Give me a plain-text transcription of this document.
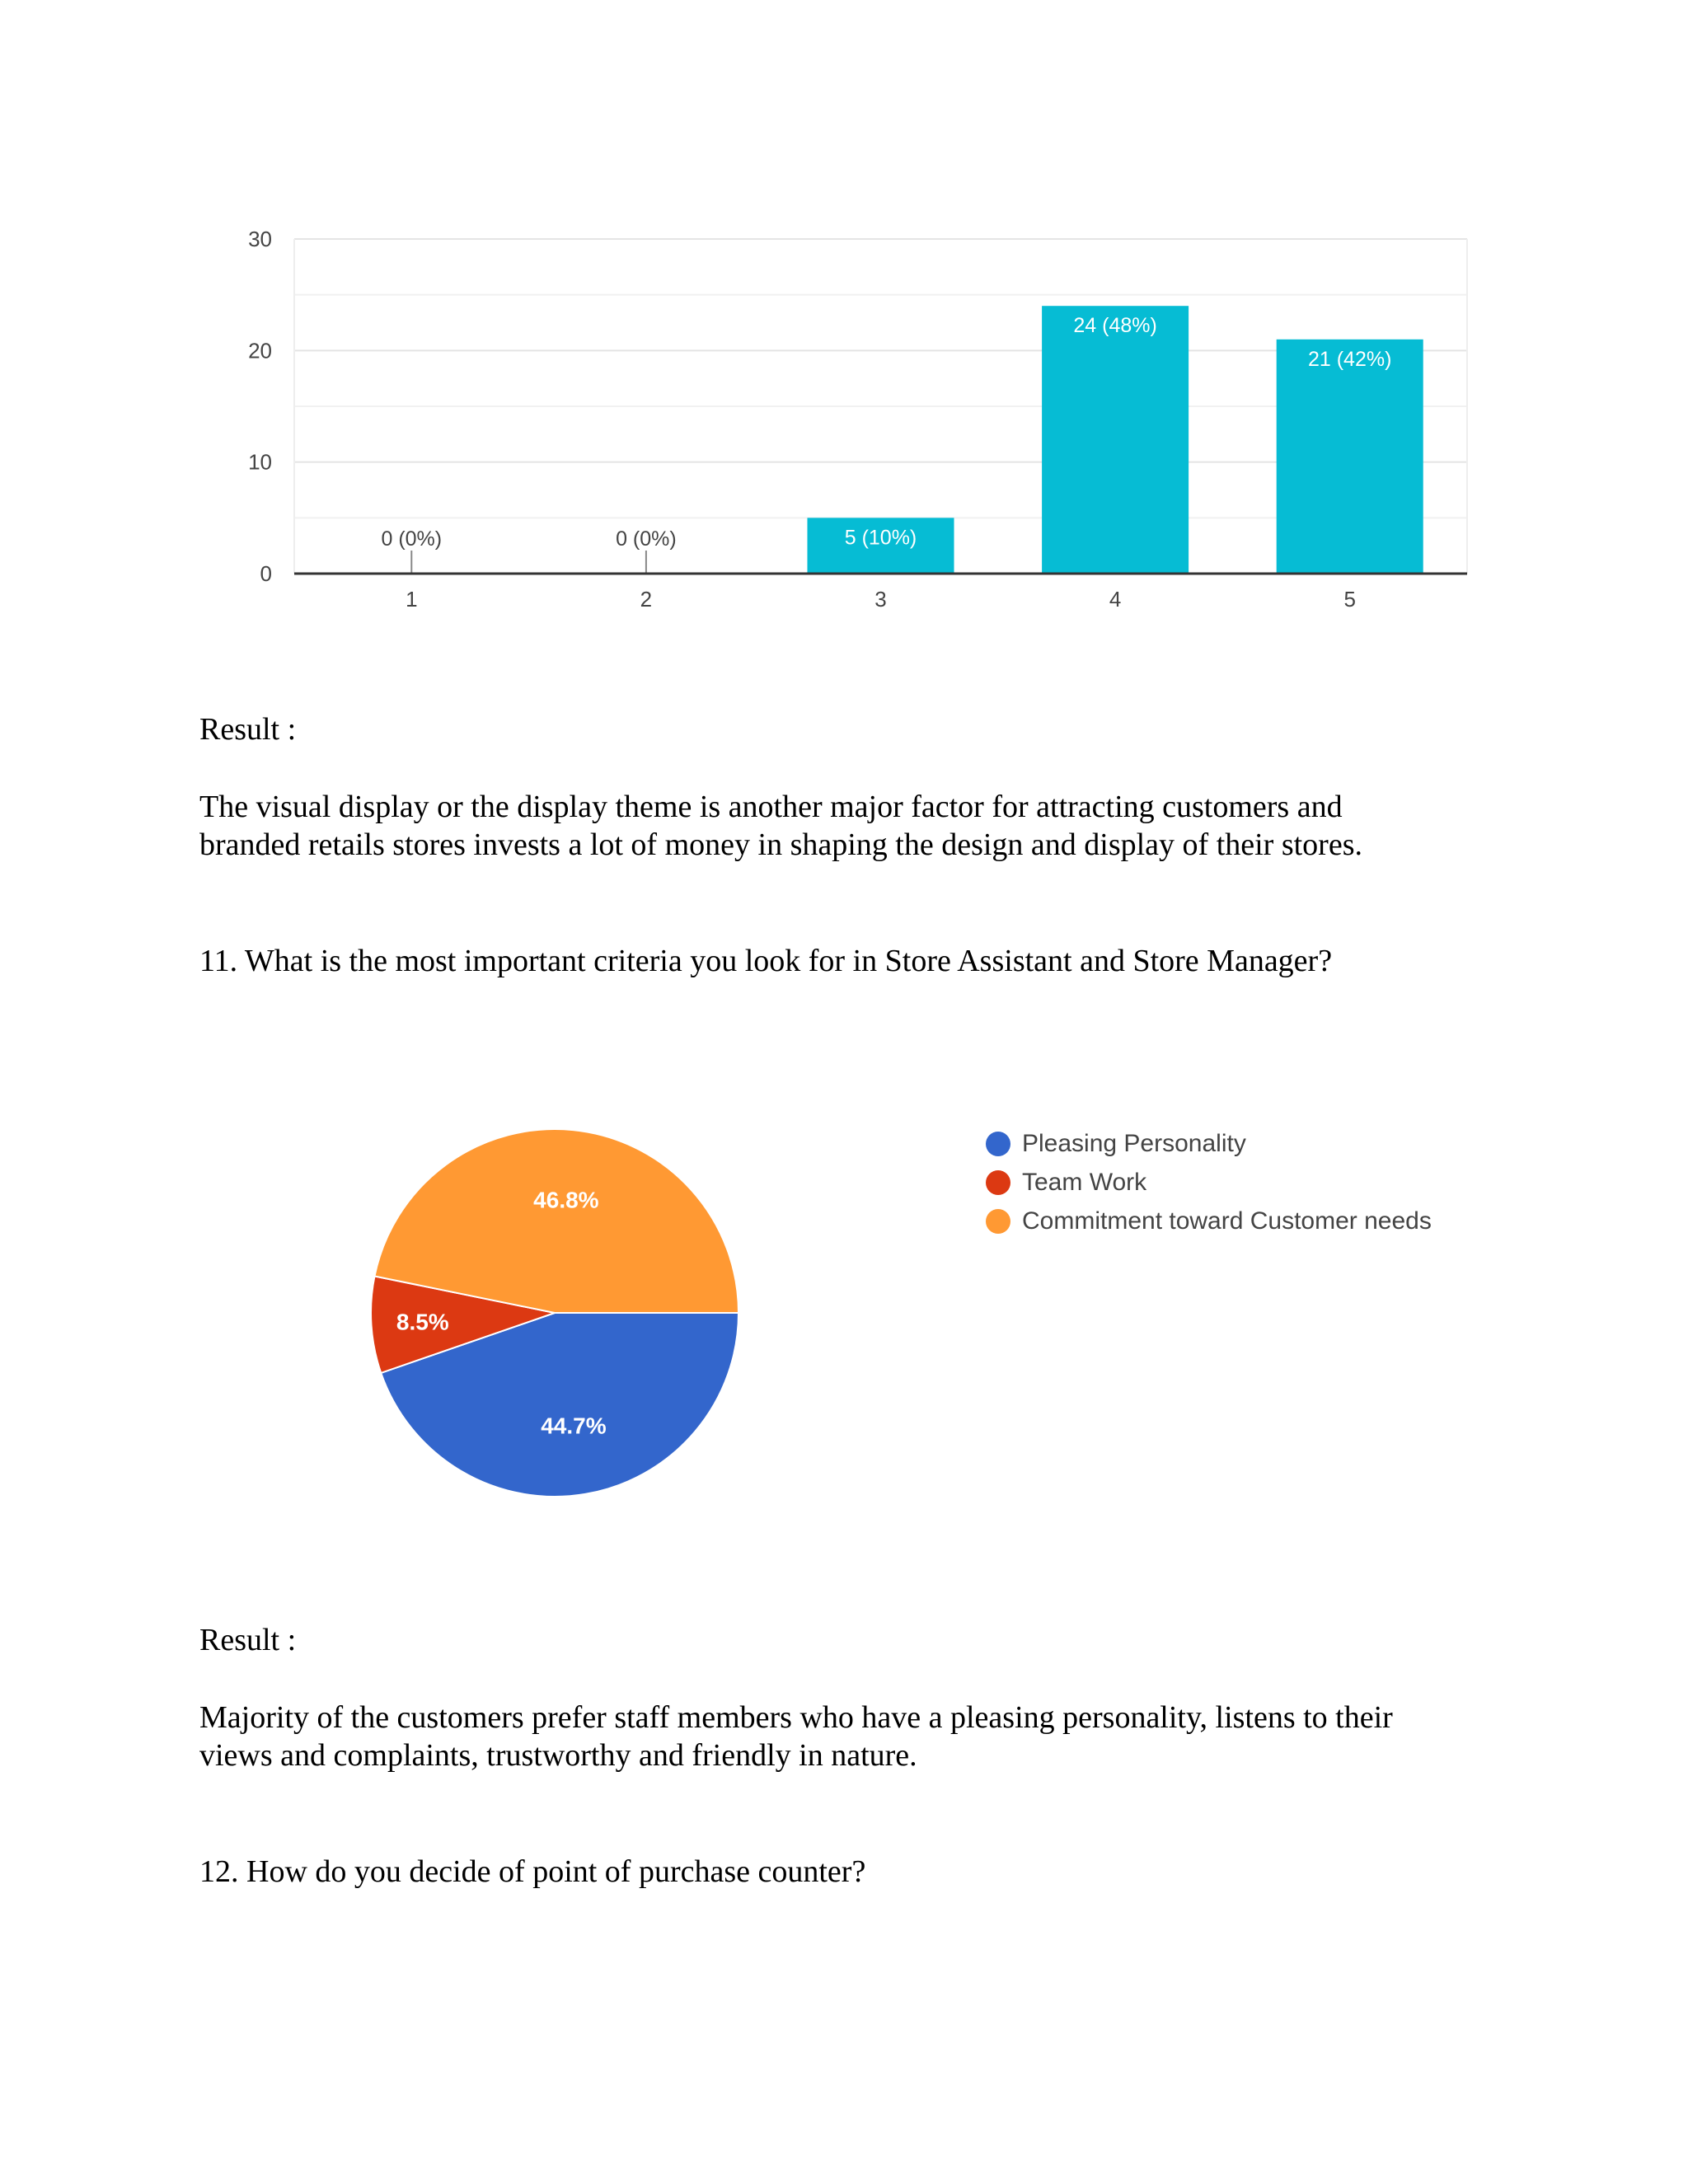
0
10
20
30
0 (0%)
1
0 (0%)
2
5 (10%)
3
24 (48%)
4
21 (42%)
5

Result :

The visual display or the display theme is another major factor for attracting customers and

branded retails stores invests a lot of money in shaping the design and display of their stores.

11. What is the most important criteria you look for in Store Assistant and Store Manager?

44.7%
8.5%
46.8%
Pleasing Personality
Team Work
Commitment toward Customer needs

Result :

Majority of the customers prefer staff members who have a pleasing personality, listens to their

views and complaints, trustworthy and friendly in nature.

12. How do you decide of point of purchase counter?
